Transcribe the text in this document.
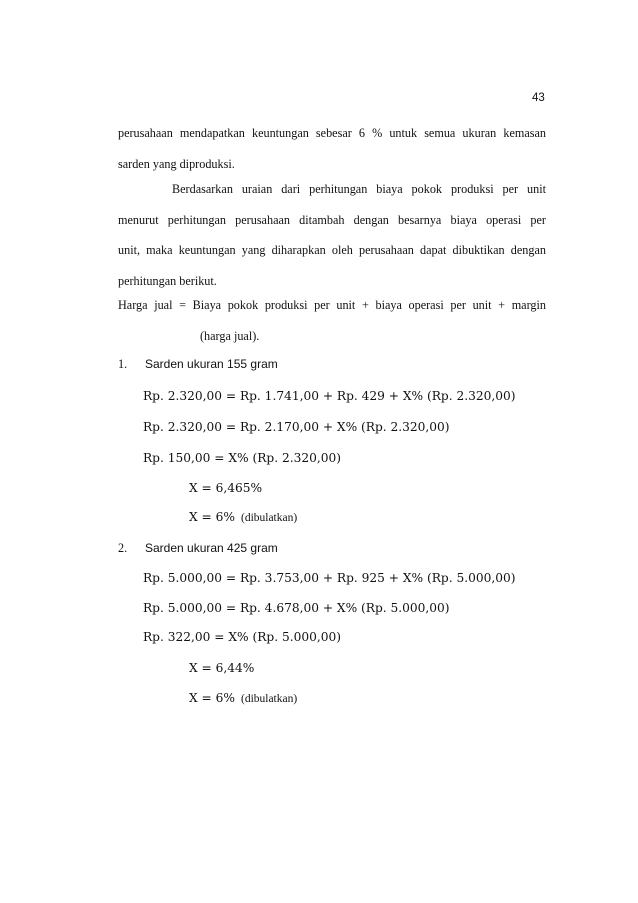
43
perusahaan mendapatkan keuntungan sebesar 6 % untuk semua ukuran kemasan
sarden yang diproduksi.
Berdasarkan uraian dari perhitungan biaya pokok produksi per unit
menurut perhitungan perusahaan ditambah dengan besarnya biaya operasi per
unit, maka keuntungan yang diharapkan oleh perusahaan dapat dibuktikan dengan
perhitungan berikut.
Harga jual = Biaya pokok produksi per unit + biaya operasi per unit + margin
(harga jual).
1. Sarden ukuran 155 gram
Rp. 2.320,00 = Rp. 1.741,00 + Rp. 429 + X% (Rp. 2.320,00)
Rp. 2.320,00 = Rp. 2.170,00 + X% (Rp. 2.320,00)
Rp. 150,00 = X% (Rp. 2.320,00)
X = 6,465%
X = 6% (dibulatkan)
2. Sarden ukuran 425 gram
Rp. 5.000,00 = Rp. 3.753,00 + Rp. 925 + X% (Rp. 5.000,00)
Rp. 5.000,00 = Rp. 4.678,00 + X% (Rp. 5.000,00)
Rp. 322,00 = X% (Rp. 5.000,00)
X = 6,44%
X = 6% (dibulatkan)
